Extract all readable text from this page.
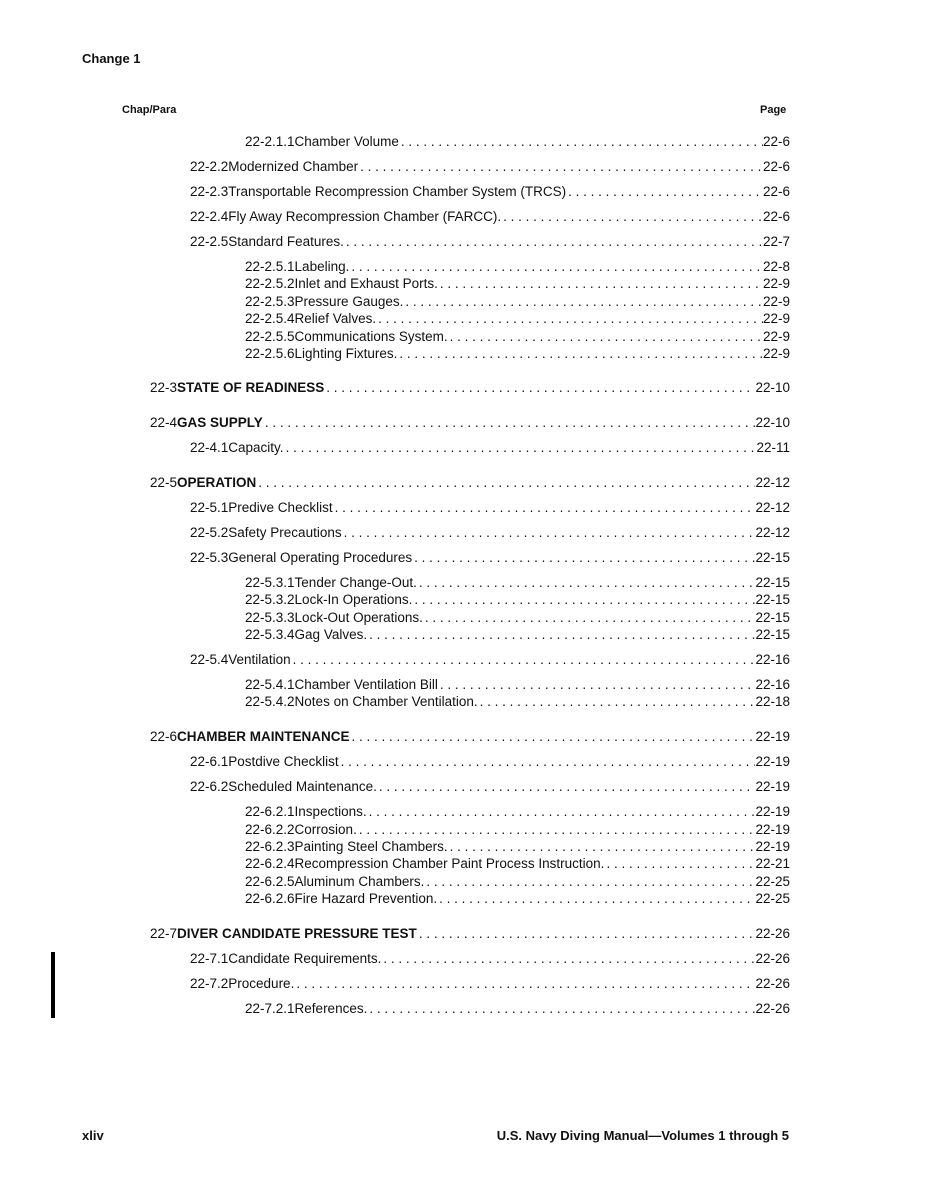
Change 1
Chap/Para	Page
22-2.1.1 Chamber Volume . . .	22-6
22-2.2 Modernized Chamber . . .	22-6
22-2.3 Transportable Recompression Chamber System (TRCS) . . .	22-6
22-2.4 Fly Away Recompression Chamber (FARCC). . . .	22-6
22-2.5 Standard Features. . . .	22-7
22-2.5.1 Labeling. . . .	22-8
22-2.5.2 Inlet and Exhaust Ports. . . .	22-9
22-2.5.3 Pressure Gauges. . . .	22-9
22-2.5.4 Relief Valves. . . .	22-9
22-2.5.5 Communications System. . . .	22-9
22-2.5.6 Lighting Fixtures. . . .	22-9
22-3 STATE OF READINESS . . .	22-10
22-4 GAS SUPPLY . . .	22-10
22-4.1 Capacity. . . .	22-11
22-5 OPERATION . . .	22-12
22-5.1 Predive Checklist . . .	22-12
22-5.2 Safety Precautions . . .	22-12
22-5.3 General Operating Procedures . . .	22-15
22-5.3.1 Tender Change-Out. . . .	22-15
22-5.3.2 Lock-In Operations. . . .	22-15
22-5.3.3 Lock-Out Operations. . . .	22-15
22-5.3.4 Gag Valves. . . .	22-15
22-5.4 Ventilation . . .	22-16
22-5.4.1 Chamber Ventilation Bill . . .	22-16
22-5.4.2 Notes on Chamber Ventilation. . . .	22-18
22-6 CHAMBER MAINTENANCE . . .	22-19
22-6.1 Postdive Checklist . . .	22-19
22-6.2 Scheduled Maintenance. . . .	22-19
22-6.2.1 Inspections. . . .	22-19
22-6.2.2 Corrosion. . . .	22-19
22-6.2.3 Painting Steel Chambers. . . .	22-19
22-6.2.4 Recompression Chamber Paint Process Instruction. . . .	22-21
22-6.2.5 Aluminum Chambers. . . .	22-25
22-6.2.6 Fire Hazard Prevention. . . .	22-25
22-7 DIVER CANDIDATE PRESSURE TEST . . .	22-26
22-7.1 Candidate Requirements. . . .	22-26
22-7.2 Procedure. . . .	22-26
22-7.2.1 References. . . .	22-26
xliv	U.S. Navy Diving Manual—Volumes 1 through 5
